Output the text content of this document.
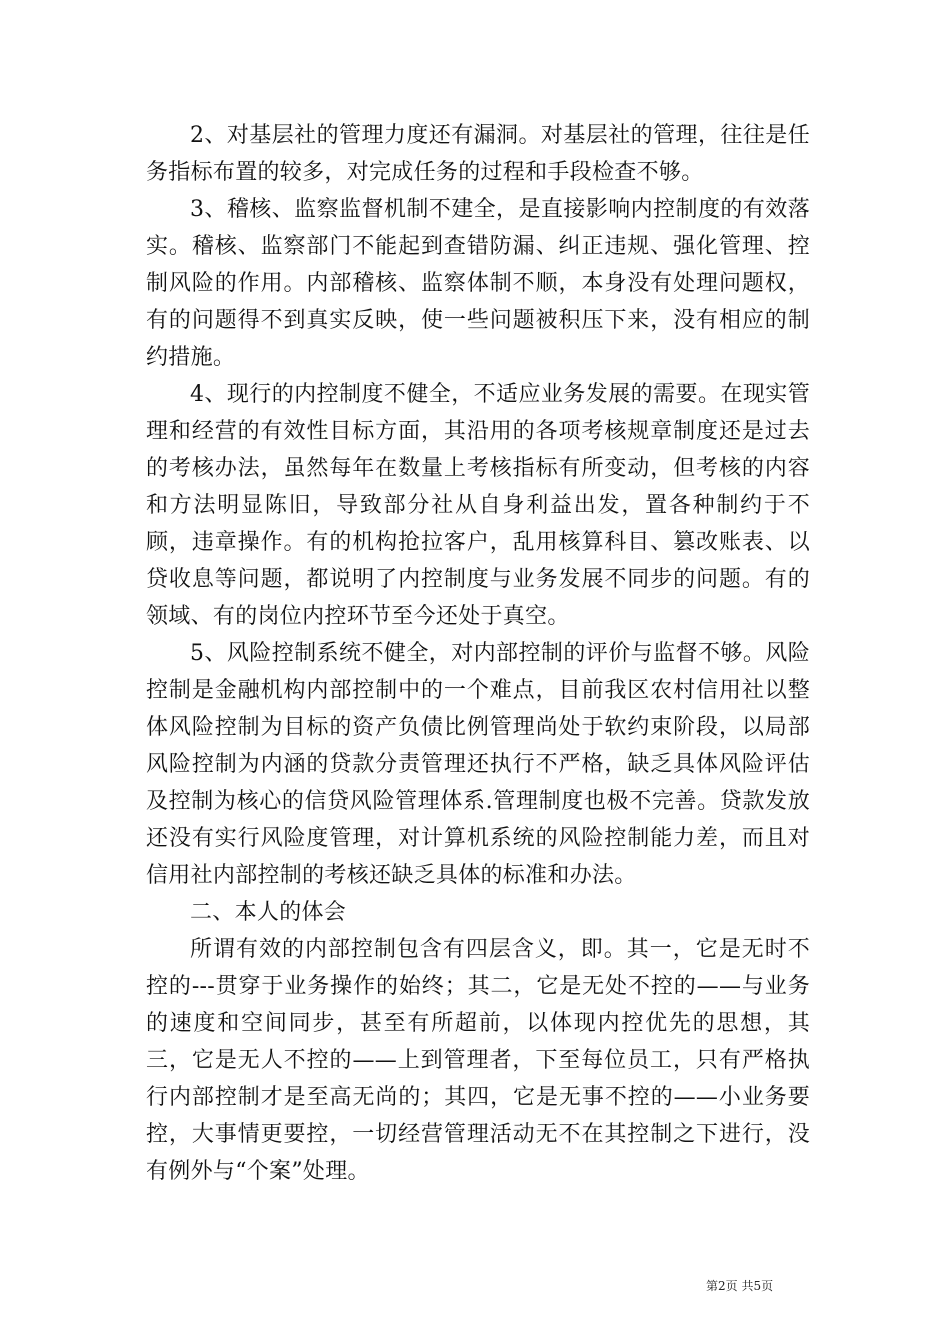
2、对基层社的管理力度还有漏洞。对基层社的管理，往往是任务指标布置的较多，对完成任务的过程和手段检查不够。

3、稽核、监察监督机制不建全，是直接影响内控制度的有效落实。稽核、监察部门不能起到查错防漏、纠正违规、强化管理、控制风险的作用。内部稽核、监察体制不顺，本身没有处理问题权，有的问题得不到真实反映，使一些问题被积压下来，没有相应的制约措施。

4、现行的内控制度不健全，不适应业务发展的需要。在现实管理和经营的有效性目标方面，其沿用的各项考核规章制度还是过去的考核办法，虽然每年在数量上考核指标有所变动，但考核的内容和方法明显陈旧，导致部分社从自身利益出发，置各种制约于不顾，违章操作。有的机构抢拉客户，乱用核算科目、篡改账表、以贷收息等问题，都说明了内控制度与业务发展不同步的问题。有的领域、有的岗位内控环节至今还处于真空。

5、风险控制系统不健全，对内部控制的评价与监督不够。风险控制是金融机构内部控制中的一个难点，目前我区农村信用社以整体风险控制为目标的资产负债比例管理尚处于软约束阶段，以局部风险控制为内涵的贷款分责管理还执行不严格，缺乏具体风险评估及控制为核心的信贷风险管理体系.管理制度也极不完善。贷款发放还没有实行风险度管理，对计算机系统的风险控制能力差，而且对信用社内部控制的考核还缺乏具体的标准和办法。

二、本人的体会

所谓有效的内部控制包含有四层含义，即。其一，它是无时不控的---贯穿于业务操作的始终；其二，它是无处不控的——与业务的速度和空间同步，甚至有所超前，以体现内控优先的思想，其三，它是无人不控的——上到管理者，下至每位员工，只有严格执行内部控制才是至高无尚的；其四，它是无事不控的——小业务要控，大事情更要控，一切经营管理活动无不在其控制之下进行，没有例外与“个案”处理。

第2页 共5页
